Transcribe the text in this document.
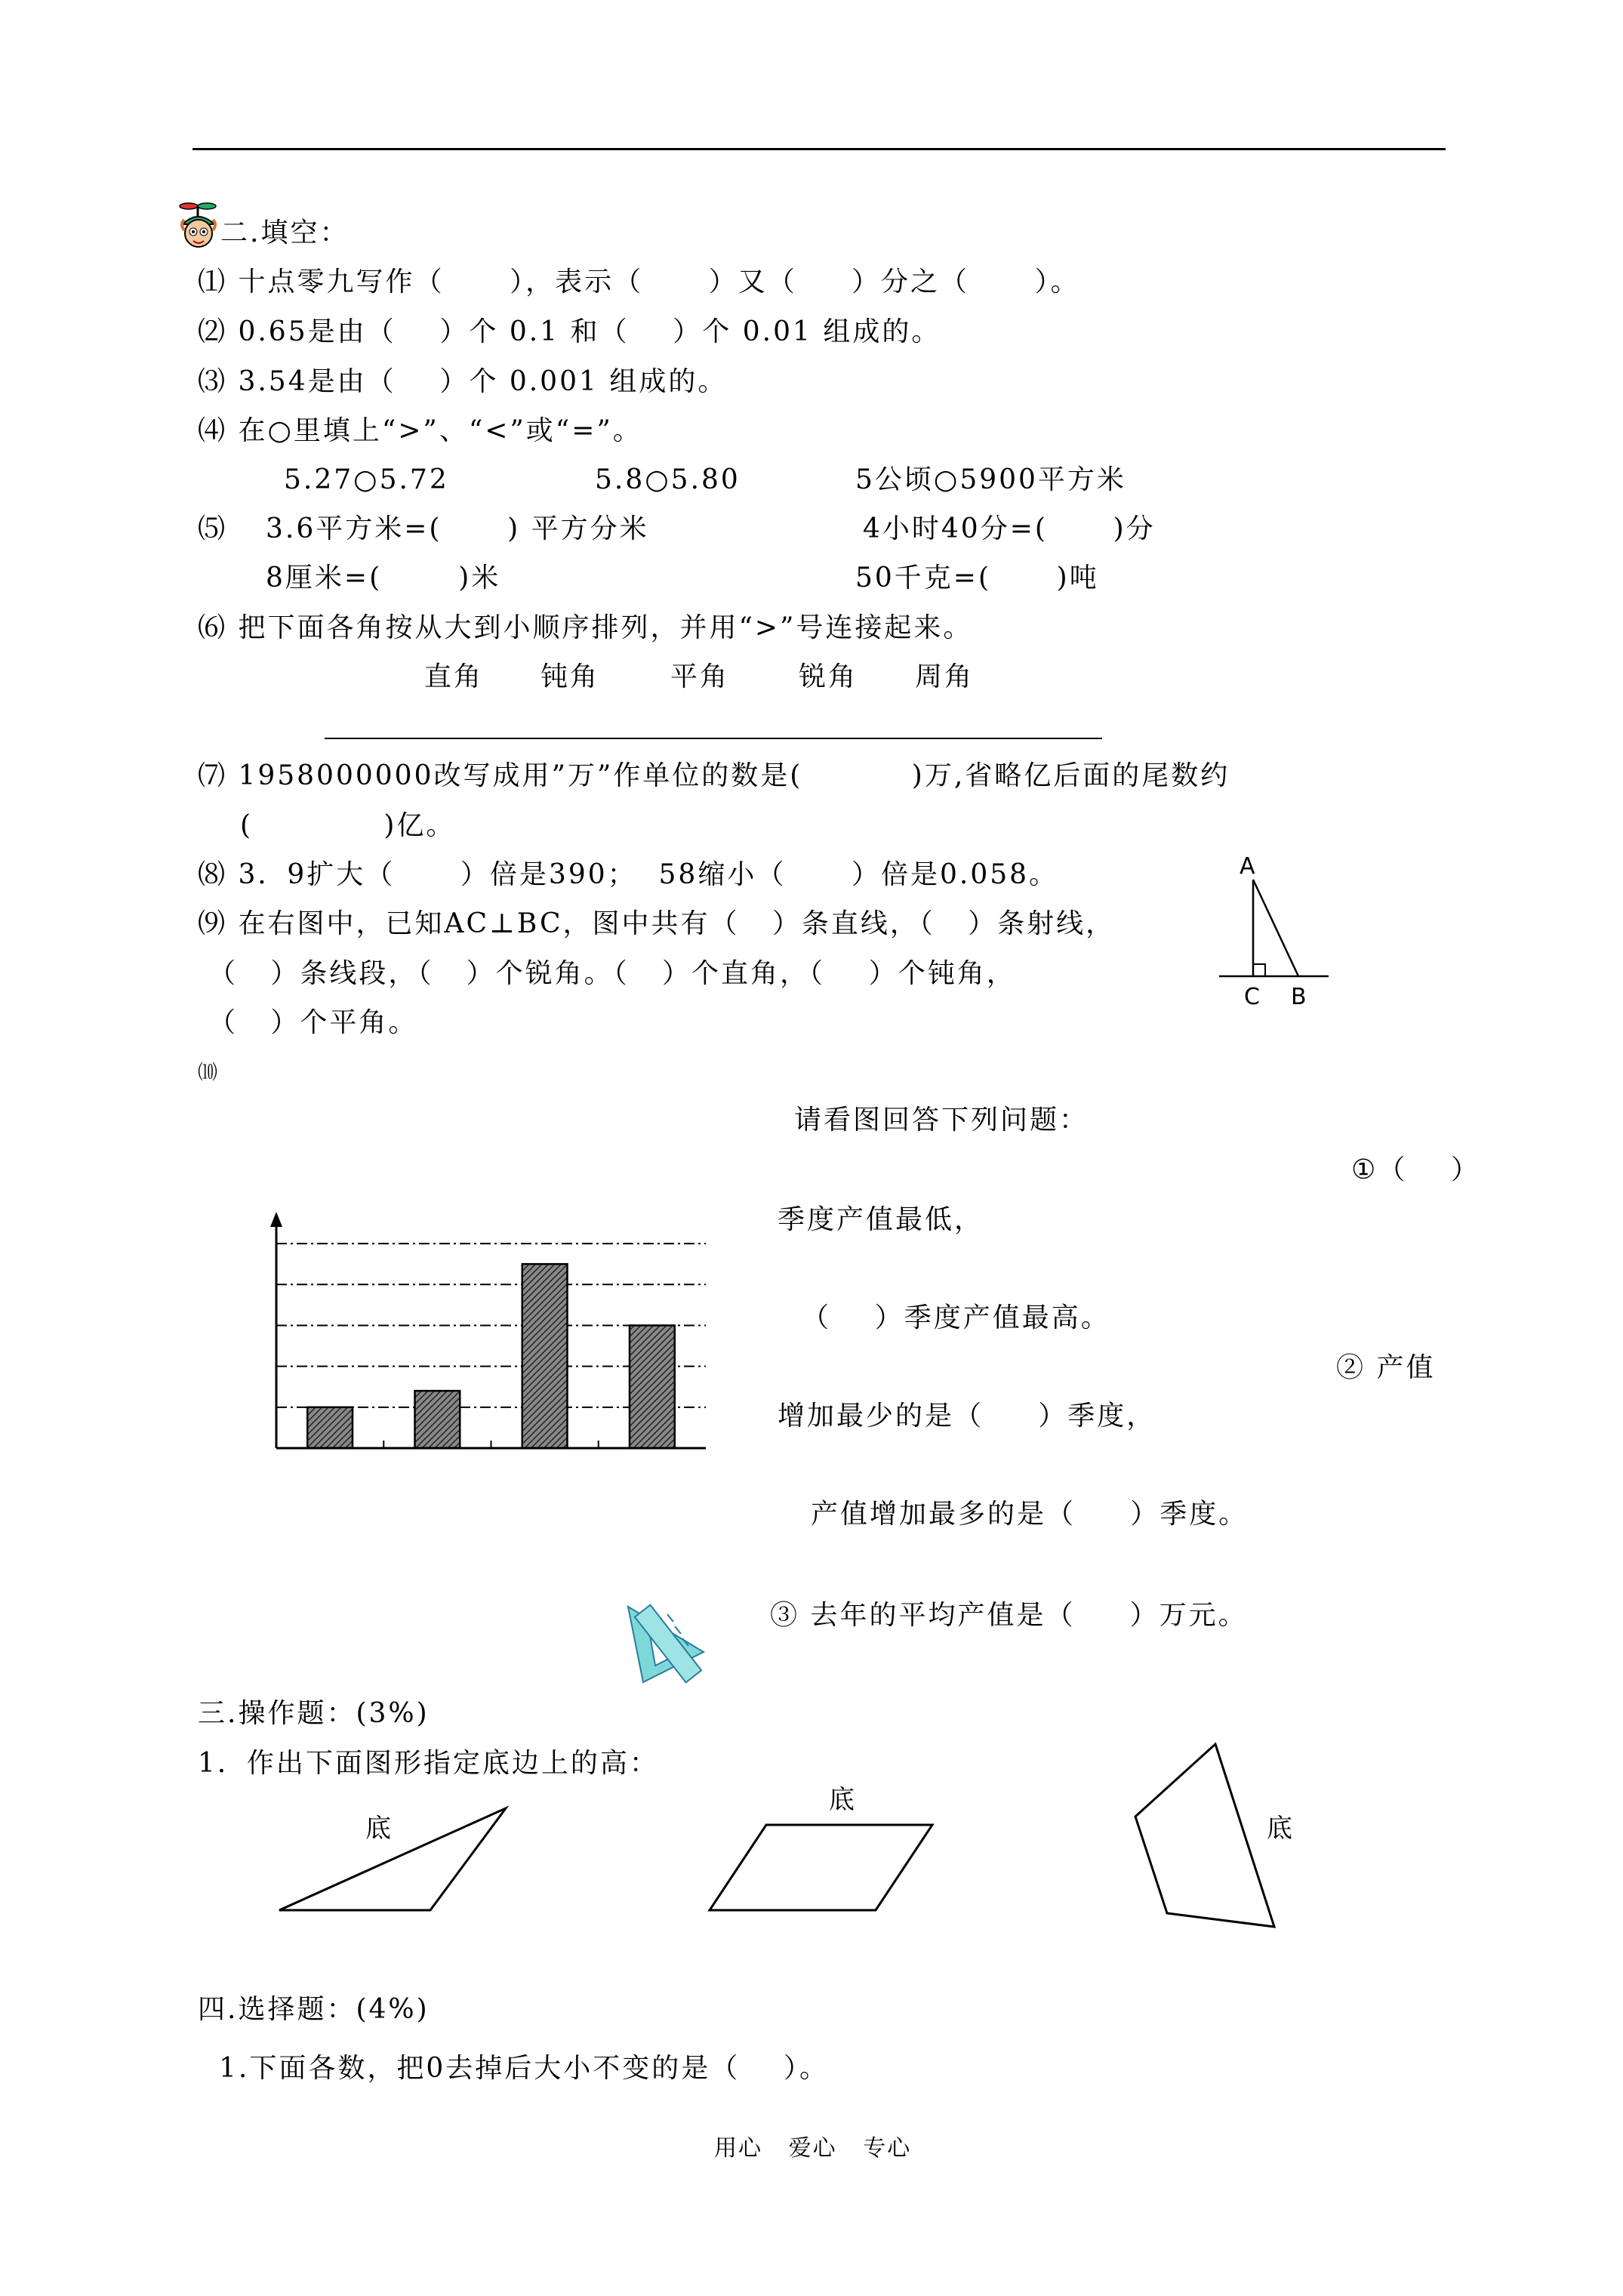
二.填空：
⑴ 十点零九写作（      ），表示（      ）又（     ）分之（      ）。
⑵ 0.65是由（    ）个 0.1 和（    ）个 0.01 组成的。
⑶ 3.54是由（    ）个 0.001 组成的。
⑷ 在○里填上“>”、“<”或“=”。
5.27○5.72	5.8○5.80	5公顷○5900平方米
⑸ 3.6平方米=(      ) 平方分米	4小时40分=(      )分
8厘米=(       )米	50千克=(      )吨
⑹ 把下面各角按从大到小顺序排列，并用“>”号连接起来。
直角 钝角	平角	锐角 周角
⑺ 1958000000改写成用”万”作单位的数是(          )万,省略亿后面的尾数约
(            )亿。
⑻ 3．9扩大（      ）倍是390；  58缩小（      ）倍是0.058。
⑼ 在右图中，已知AC⊥BC，图中共有（   ）条直线，（   ）条射线，
（   ）条线段，（   ）个锐角。（   ）个直角，（    ）个钝角，
（   ）个平角。
A
C B
⑽
请看图回答下列问题：
①（    ）
季度产值最低，
（    ）季度产值最高。
② 产值
增加最少的是（     ）季度，
产值增加最多的是（     ）季度。
③ 去年的平均产值是（     ）万元。
三.操作题：(3%)
1．作出下面图形指定底边上的高：
底
底
底
四.选择题：(4%)
1.下面各数，把0去掉后大小不变的是（    ）。
用心   爱心   专心
